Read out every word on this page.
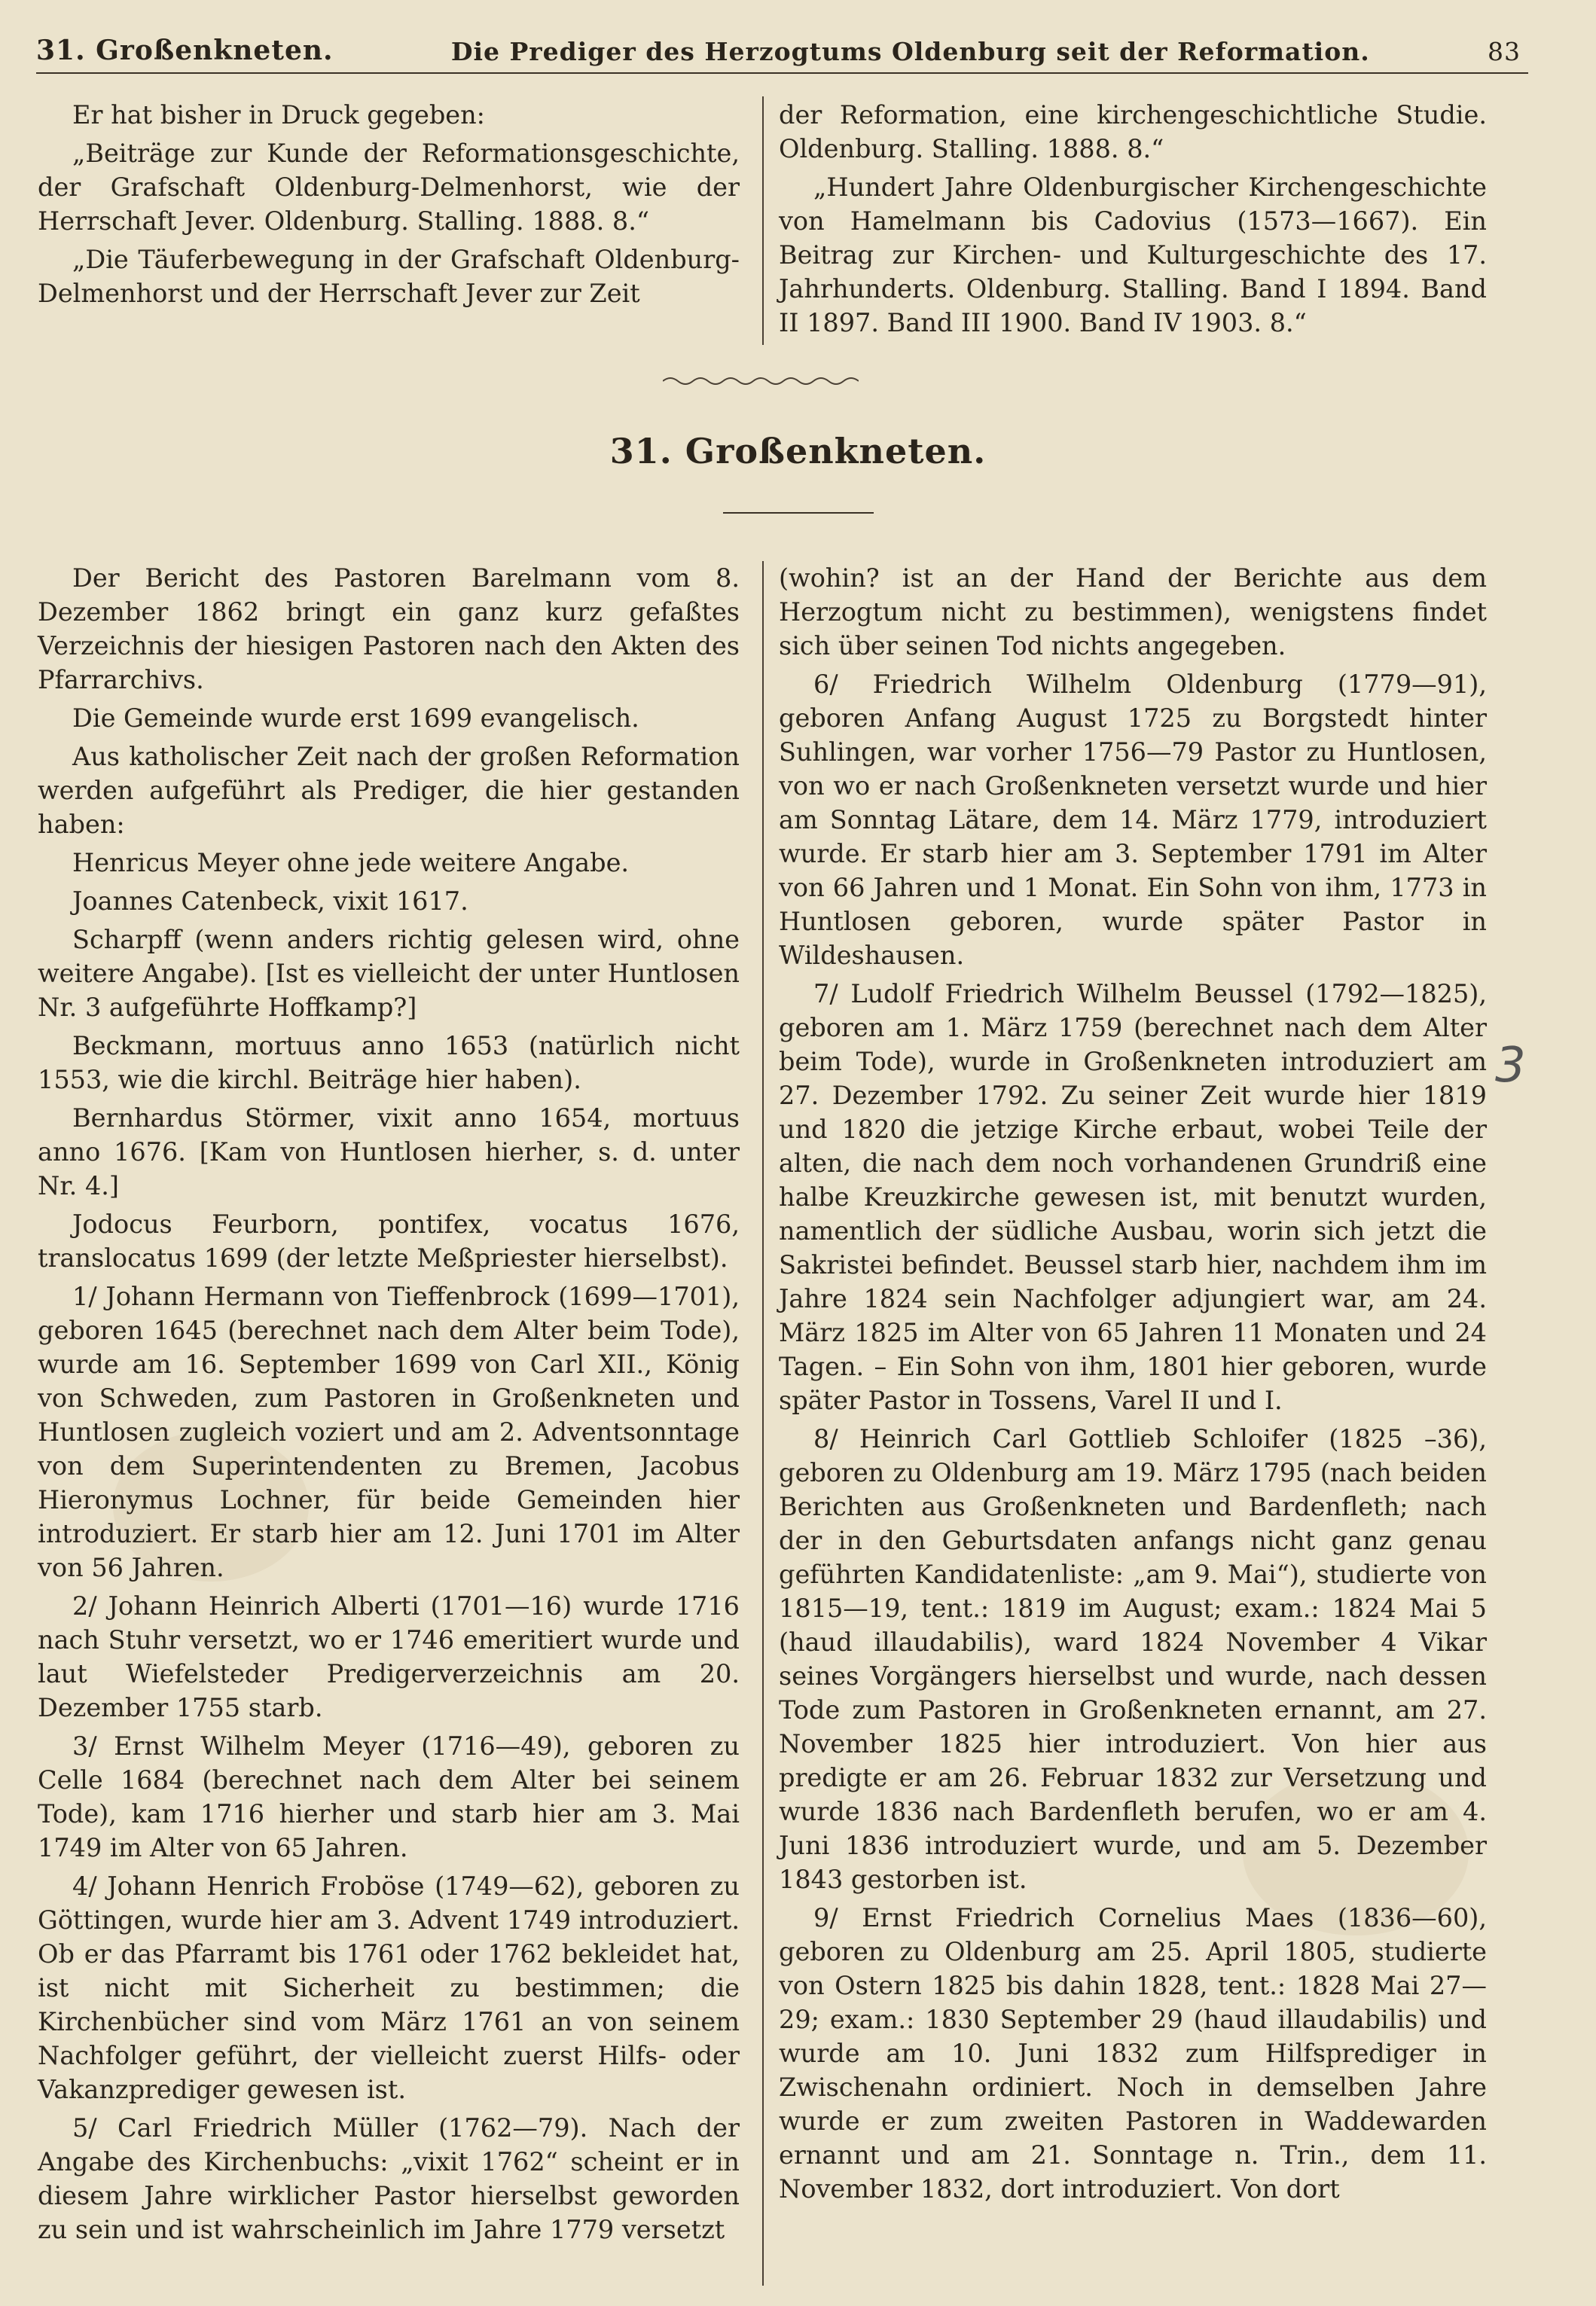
31. Großenkneten.	Die Prediger des Herzogtums Oldenburg seit der Reformation.	83

Er hat bisher in Druck gegeben:

„Beiträge zur Kunde der Reformationsgeschichte, der Grafschaft Oldenburg-Delmenhorst, wie der Herrschaft Jever. Oldenburg. Stalling. 1888. 8.“

„Die Täuferbewegung in der Grafschaft Oldenburg-Delmenhorst und der Herrschaft Jever zur Zeit

der Reformation, eine kirchengeschichtliche Studie. Oldenburg. Stalling. 1888. 8.“

„Hundert Jahre Oldenburgischer Kirchengeschichte von Hamelmann bis Cadovius (1573—1667). Ein Beitrag zur Kirchen- und Kulturgeschichte des 17. Jahrhunderts. Oldenburg. Stalling. Band I 1894. Band II 1897. Band III 1900. Band IV 1903. 8.“

31. Großenkneten.

Der Bericht des Pastoren Barelmann vom 8. Dezember 1862 bringt ein ganz kurz gefaßtes Verzeichnis der hiesigen Pastoren nach den Akten des Pfarrarchivs.

Die Gemeinde wurde erst 1699 evangelisch.

Aus katholischer Zeit nach der großen Reformation werden aufgeführt als Prediger, die hier gestanden haben:

Henricus Meyer ohne jede weitere Angabe.

Joannes Catenbeck, vixit 1617.

Scharpff (wenn anders richtig gelesen wird, ohne weitere Angabe). [Ist es vielleicht der unter Huntlosen Nr. 3 aufgeführte Hoffkamp?]

Beckmann, mortuus anno 1653 (natürlich nicht 1553, wie die kirchl. Beiträge hier haben).

Bernhardus Störmer, vixit anno 1654, mortuus anno 1676. [Kam von Huntlosen hierher, s. d. unter Nr. 4.]

Jodocus Feurborn, pontifex, vocatus 1676, translocatus 1699 (der letzte Meßpriester hierselbst).

1/ Johann Hermann von Tieffenbrock (1699—1701), geboren 1645 (berechnet nach dem Alter beim Tode), wurde am 16. September 1699 von Carl XII., König von Schweden, zum Pastoren in Großenkneten und Huntlosen zugleich voziert und am 2. Adventsonntage von dem Superintendenten zu Bremen, Jacobus Hieronymus Lochner, für beide Gemeinden hier introduziert. Er starb hier am 12. Juni 1701 im Alter von 56 Jahren.

2/ Johann Heinrich Alberti (1701—16) wurde 1716 nach Stuhr versetzt, wo er 1746 emeritiert wurde und laut Wiefelsteder Predigerverzeichnis am 20. Dezember 1755 starb.

3/ Ernst Wilhelm Meyer (1716—49), geboren zu Celle 1684 (berechnet nach dem Alter bei seinem Tode), kam 1716 hierher und starb hier am 3. Mai 1749 im Alter von 65 Jahren.

4/ Johann Henrich Froböse (1749—62), geboren zu Göttingen, wurde hier am 3. Advent 1749 introduziert. Ob er das Pfarramt bis 1761 oder 1762 bekleidet hat, ist nicht mit Sicherheit zu bestimmen; die Kirchenbücher sind vom März 1761 an von seinem Nachfolger geführt, der vielleicht zuerst Hilfs- oder Vakanzprediger gewesen ist.

5/ Carl Friedrich Müller (1762—79). Nach der Angabe des Kirchenbuchs: „vixit 1762“ scheint er in diesem Jahre wirklicher Pastor hierselbst geworden zu sein und ist wahrscheinlich im Jahre 1779 versetzt

(wohin? ist an der Hand der Berichte aus dem Herzogtum nicht zu bestimmen), wenigstens findet sich über seinen Tod nichts angegeben.

6/ Friedrich Wilhelm Oldenburg (1779—91), geboren Anfang August 1725 zu Borgstedt hinter Suhlingen, war vorher 1756—79 Pastor zu Huntlosen, von wo er nach Großenkneten versetzt wurde und hier am Sonntag Lätare, dem 14. März 1779, introduziert wurde. Er starb hier am 3. September 1791 im Alter von 66 Jahren und 1 Monat. Ein Sohn von ihm, 1773 in Huntlosen geboren, wurde später Pastor in Wildeshausen.

7/ Ludolf Friedrich Wilhelm Beussel (1792—1825), geboren am 1. März 1759 (berechnet nach dem Alter beim Tode), wurde in Großenkneten introduziert am 27. Dezember 1792. Zu seiner Zeit wurde hier 1819 und 1820 die jetzige Kirche erbaut, wobei Teile der alten, die nach dem noch vorhandenen Grundriß eine halbe Kreuzkirche gewesen ist, mit benutzt wurden, namentlich der südliche Ausbau, worin sich jetzt die Sakristei befindet. Beussel starb hier, nachdem ihm im Jahre 1824 sein Nachfolger adjungiert war, am 24. März 1825 im Alter von 65 Jahren 11 Monaten und 24 Tagen. – Ein Sohn von ihm, 1801 hier geboren, wurde später Pastor in Tossens, Varel II und I.

8/ Heinrich Carl Gottlieb Schloifer (1825 –36), geboren zu Oldenburg am 19. März 1795 (nach beiden Berichten aus Großenkneten und Bardenfleth; nach der in den Geburtsdaten anfangs nicht ganz genau geführten Kandidatenliste: „am 9. Mai“), studierte von 1815—19, tent.: 1819 im August; exam.: 1824 Mai 5 (haud illaudabilis), ward 1824 November 4 Vikar seines Vorgängers hierselbst und wurde, nach dessen Tode zum Pastoren in Großenkneten ernannt, am 27. November 1825 hier introduziert. Von hier aus predigte er am 26. Februar 1832 zur Versetzung und wurde 1836 nach Bardenfleth berufen, wo er am 4. Juni 1836 introduziert wurde, und am 5. Dezember 1843 gestorben ist.

9/ Ernst Friedrich Cornelius Maes (1836—60), geboren zu Oldenburg am 25. April 1805, studierte von Ostern 1825 bis dahin 1828, tent.: 1828 Mai 27—29; exam.: 1830 September 29 (haud illaudabilis) und wurde am 10. Juni 1832 zum Hilfsprediger in Zwischenahn ordiniert. Noch in demselben Jahre wurde er zum zweiten Pastoren in Waddewarden ernannt und am 21. Sonntage n. Trin., dem 11. November 1832, dort introduziert. Von dort

3
